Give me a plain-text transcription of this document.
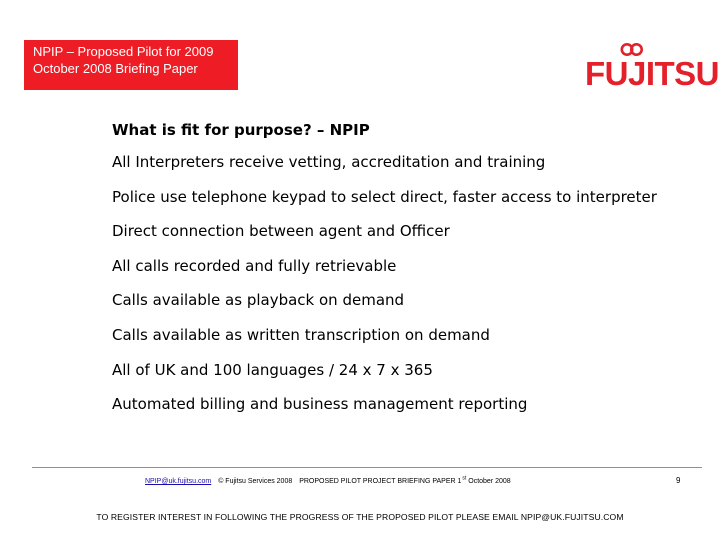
NPIP – Proposed Pilot for 2009
October 2008 Briefing Paper	FUJITSU
What is fit for purpose? – NPIP
All Interpreters receive vetting, accreditation and training
Police use telephone keypad to select direct, faster access to interpreter
Direct connection between agent and Officer
All calls recorded and fully retrievable
Calls available as playback on demand
Calls available as written transcription on demand
All of UK and 100 languages / 24 x 7 x 365
Automated billing and business management reporting
NPIP@uk.fujitsu.com © Fujitsu Services 2008 PROPOSED PILOT PROJECT BRIEFING PAPER 1st October 2008	9
TO REGISTER INTEREST IN FOLLOWING THE PROGRESS OF THE PROPOSED PILOT PLEASE EMAIL NPIP@UK.FUJITSU.COM
